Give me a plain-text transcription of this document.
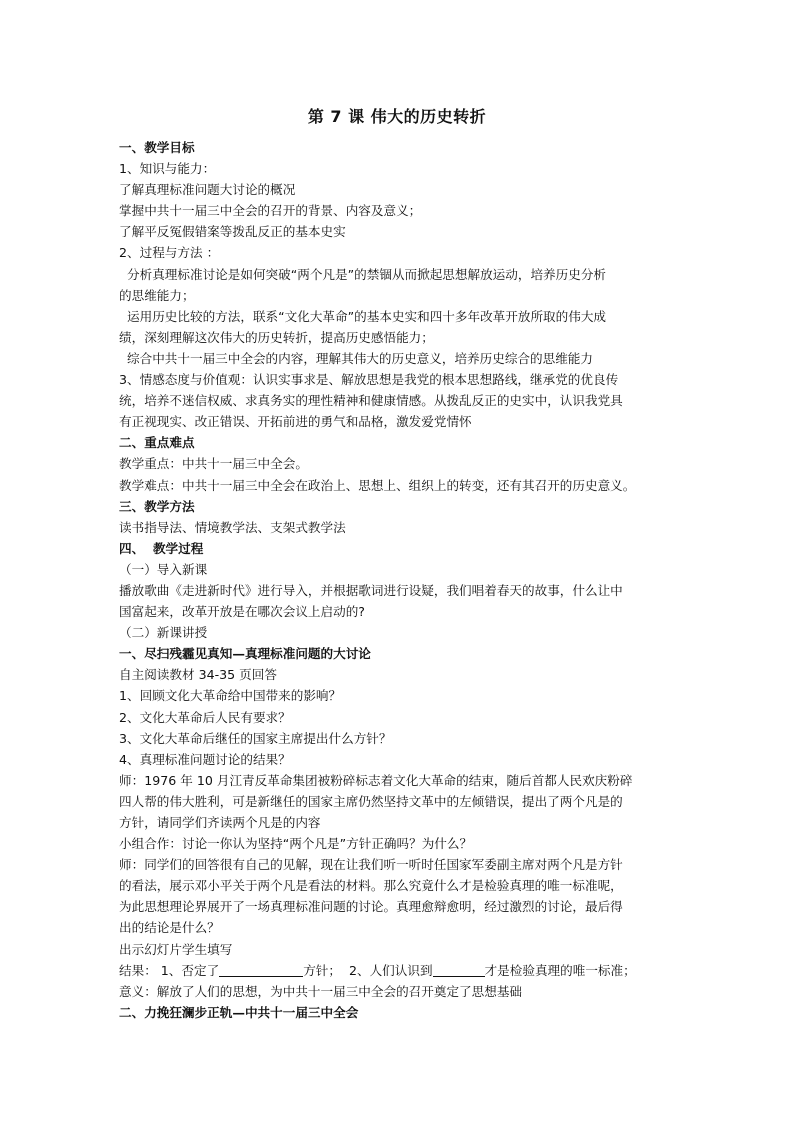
第 7 课 伟大的历史转折
一、教学目标
1、知识与能力：
了解真理标准问题大讨论的概况
掌握中共十一届三中全会的召开的背景、内容及意义；
了解平反冤假错案等拨乱反正的基本史实
2、过程与方法 ：
分析真理标准讨论是如何突破“两个凡是”的禁锢从而掀起思想解放运动，培养历史分析
的思维能力；
运用历史比较的方法，联系“文化大革命”的基本史实和四十多年改革开放所取的伟大成
绩，深刻理解这次伟大的历史转折，提高历史感悟能力；
综合中共十一届三中全会的内容，理解其伟大的历史意义，培养历史综合的思维能力
3、情感态度与价值观：认识实事求是、解放思想是我党的根本思想路线，继承党的优良传
统，培养不迷信权威、求真务实的理性精神和健康情感。从拨乱反正的史实中，认识我党具
有正视现实、改正错误、开拓前进的勇气和品格，激发爱党情怀
二、重点难点
教学重点：中共十一届三中全会。
教学难点：中共十一届三中全会在政治上、思想上、组织上的转变，还有其召开的历史意义。
三、教学方法
读书指导法、情境教学法、支架式教学法
四、  教学过程
（一）导入新课
播放歌曲《走进新时代》进行导入，并根据歌词进行设疑，我们唱着春天的故事，什么让中
国富起来，改革开放是在哪次会议上启动的?
（二）新课讲授
一、尽扫残霾见真知—真理标准问题的大讨论
自主阅读教材 34-35 页回答
1、回顾文化大革命给中国带来的影响？
2、文化大革命后人民有要求？
3、文化大革命后继任的国家主席提出什么方针？
4、真理标准问题讨论的结果？
师：1976 年 10 月江青反革命集团被粉碎标志着文化大革命的结束，随后首都人民欢庆粉碎
四人帮的伟大胜利，可是新继任的国家主席仍然坚持文革中的左倾错误，提出了两个凡是的
方针，请同学们齐读两个凡是的内容
小组合作：讨论一你认为坚持“两个凡是”方针正确吗？为什么？
师：同学们的回答很有自己的见解，现在让我们听一听时任国家军委副主席对两个凡是方针
的看法，展示邓小平关于两个凡是看法的材料。那么究竟什么才是检验真理的唯一标准呢，
为此思想理论界展开了一场真理标准问题的讨论。真理愈辩愈明，经过激烈的讨论，最后得
出的结论是什么？
出示幻灯片学生填写
结果： 1、否定了	方针；  2、人们认识到	才是检验真理的唯一标准；
意义：解放了人们的思想，为中共十一届三中全会的召开奠定了思想基础
二、力挽狂澜步正轨—中共十一届三中全会
